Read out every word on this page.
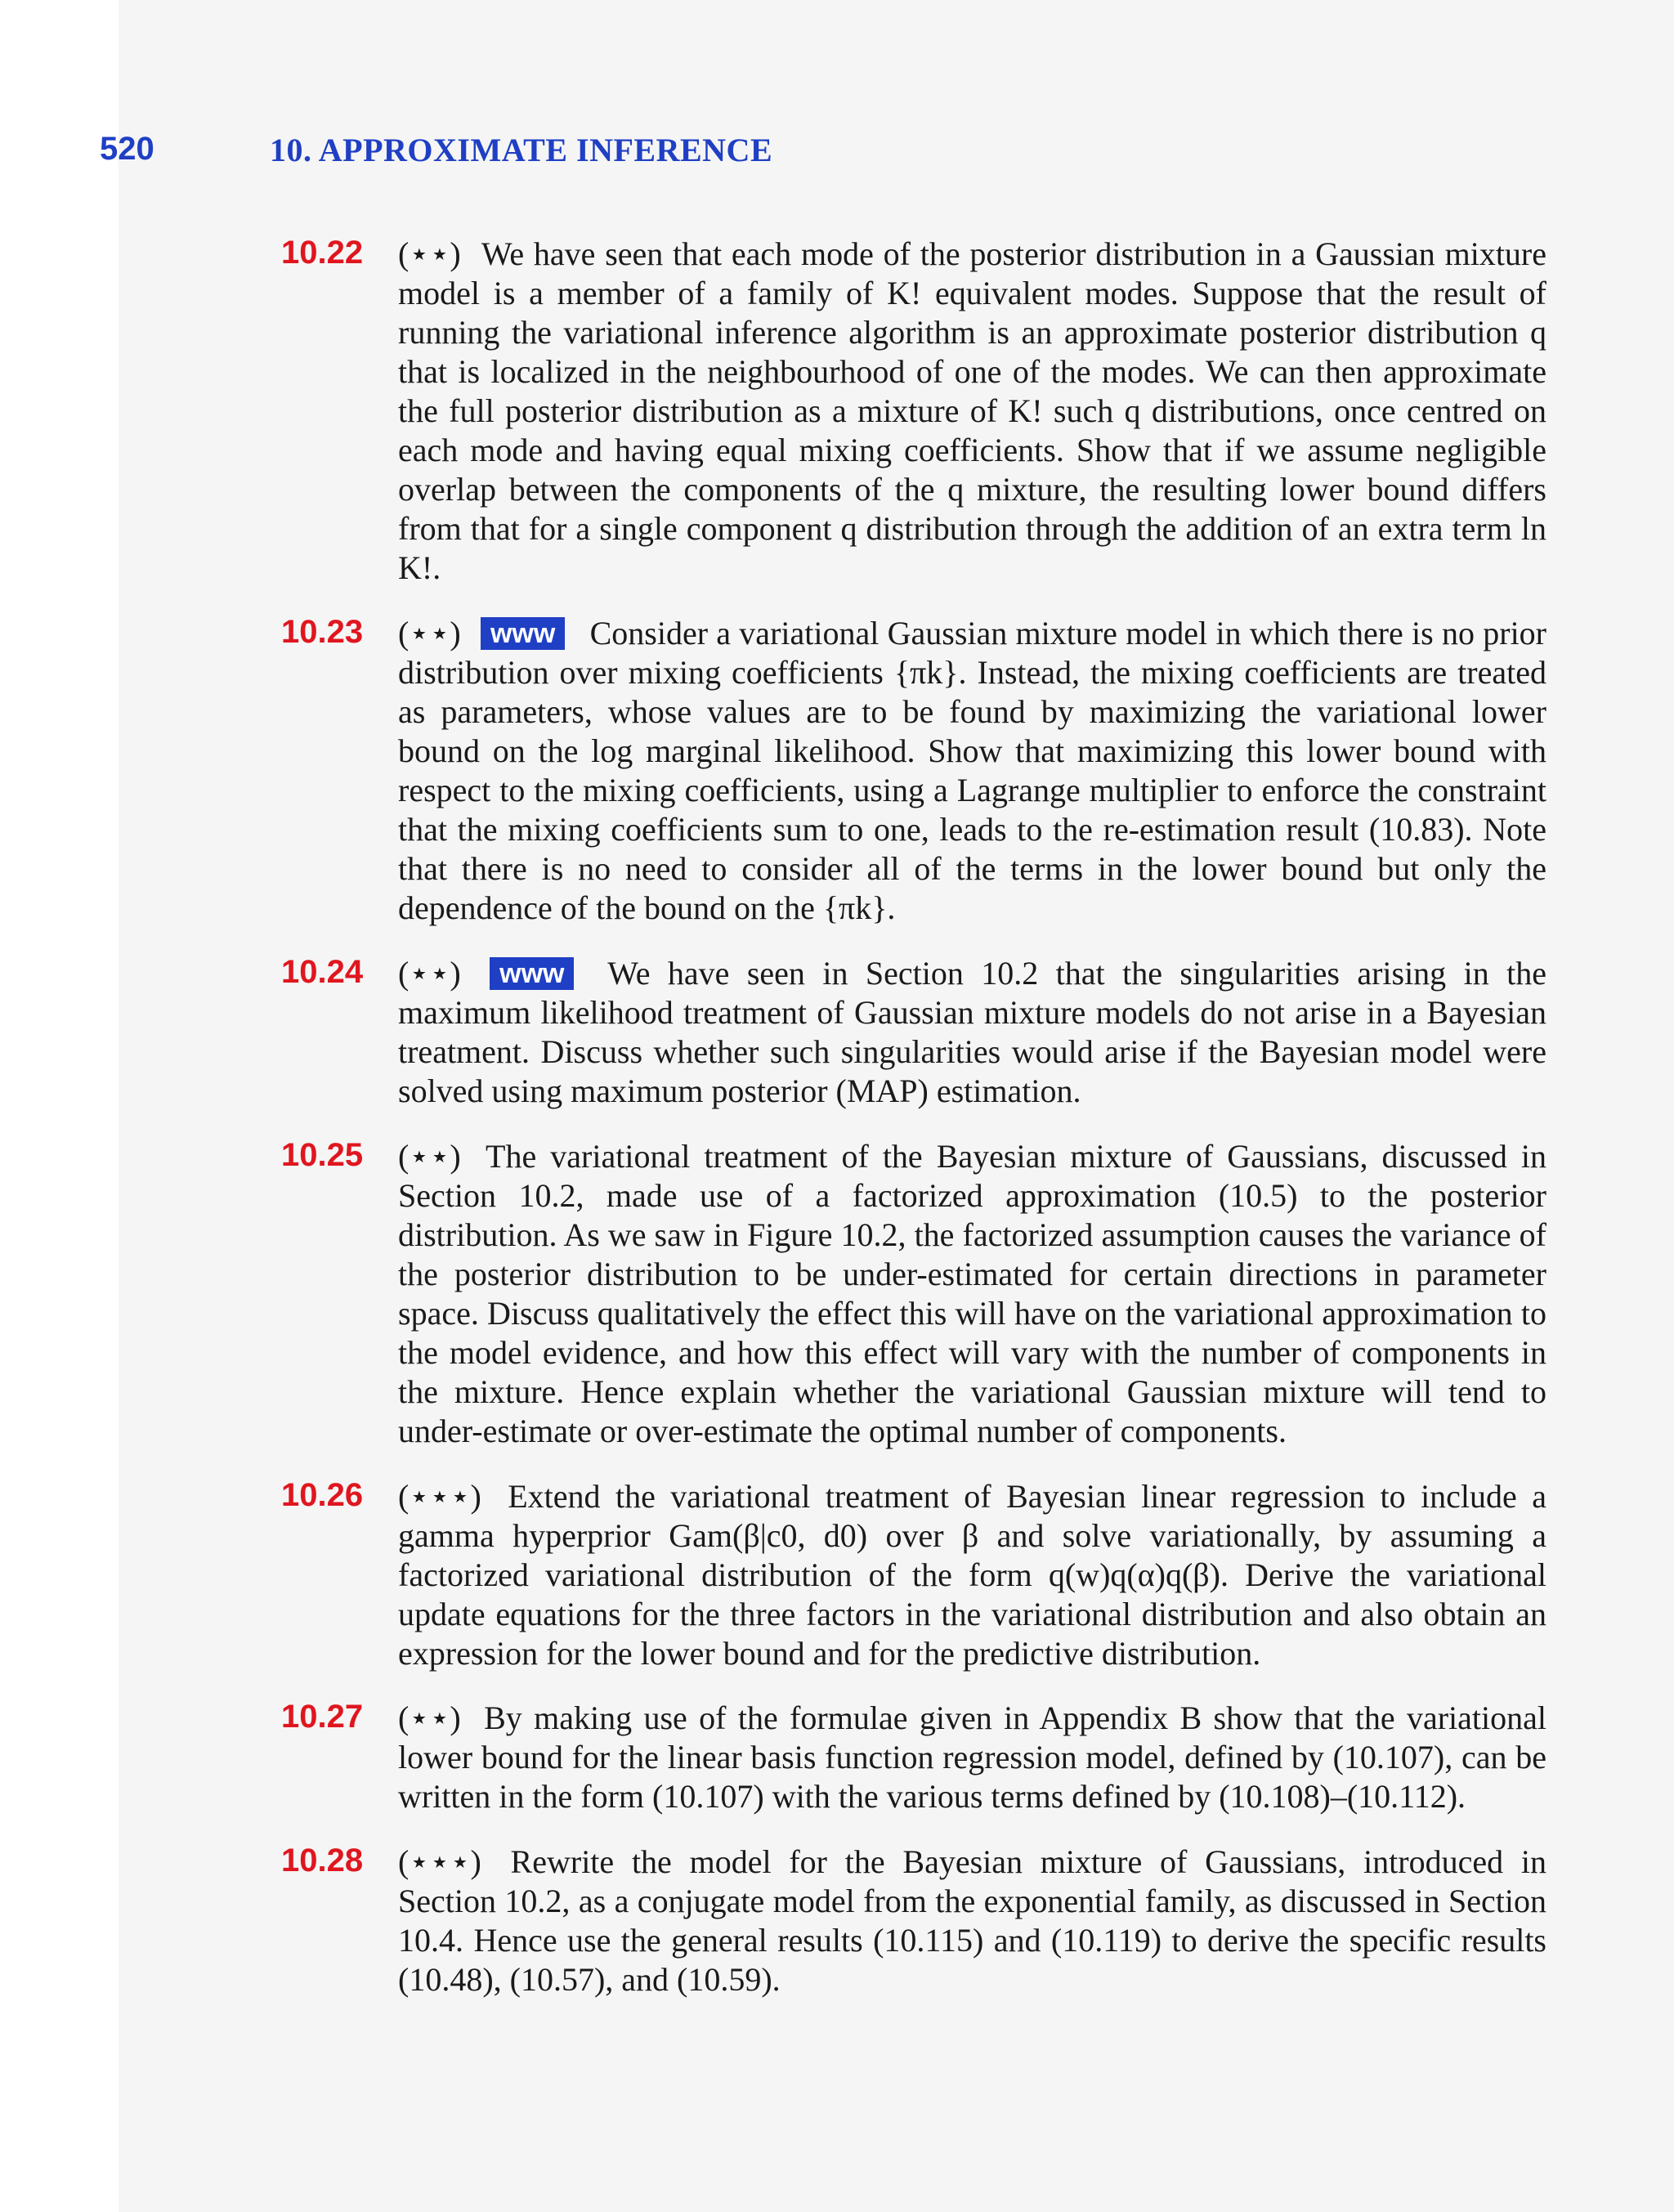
520	10. APPROXIMATE INFERENCE
10.22 (⋆⋆) We have seen that each mode of the posterior distribution in a Gaussian mixture model is a member of a family of K! equivalent modes. Suppose that the result of running the variational inference algorithm is an approximate posterior distribution q that is localized in the neighbourhood of one of the modes. We can then approximate the full posterior distribution as a mixture of K! such q distributions, once centred on each mode and having equal mixing coefficients. Show that if we assume negligible overlap between the components of the q mixture, the resulting lower bound differs from that for a single component q distribution through the addition of an extra term ln K!.
10.23 (⋆⋆) www Consider a variational Gaussian mixture model in which there is no prior distribution over mixing coefficients {πk}. Instead, the mixing coefficients are treated as parameters, whose values are to be found by maximizing the variational lower bound on the log marginal likelihood. Show that maximizing this lower bound with respect to the mixing coefficients, using a Lagrange multiplier to enforce the constraint that the mixing coefficients sum to one, leads to the re-estimation result (10.83). Note that there is no need to consider all of the terms in the lower bound but only the dependence of the bound on the {πk}.
10.24 (⋆⋆) www We have seen in Section 10.2 that the singularities arising in the maximum likelihood treatment of Gaussian mixture models do not arise in a Bayesian treatment. Discuss whether such singularities would arise if the Bayesian model were solved using maximum posterior (MAP) estimation.
10.25 (⋆⋆) The variational treatment of the Bayesian mixture of Gaussians, discussed in Section 10.2, made use of a factorized approximation (10.5) to the posterior distribution. As we saw in Figure 10.2, the factorized assumption causes the variance of the posterior distribution to be under-estimated for certain directions in parameter space. Discuss qualitatively the effect this will have on the variational approximation to the model evidence, and how this effect will vary with the number of components in the mixture. Hence explain whether the variational Gaussian mixture will tend to under-estimate or over-estimate the optimal number of components.
10.26 (⋆⋆⋆) Extend the variational treatment of Bayesian linear regression to include a gamma hyperprior Gam(β|c0, d0) over β and solve variationally, by assuming a factorized variational distribution of the form q(w)q(α)q(β). Derive the variational update equations for the three factors in the variational distribution and also obtain an expression for the lower bound and for the predictive distribution.
10.27 (⋆⋆) By making use of the formulae given in Appendix B show that the variational lower bound for the linear basis function regression model, defined by (10.107), can be written in the form (10.107) with the various terms defined by (10.108)–(10.112).
10.28 (⋆⋆⋆) Rewrite the model for the Bayesian mixture of Gaussians, introduced in Section 10.2, as a conjugate model from the exponential family, as discussed in Section 10.4. Hence use the general results (10.115) and (10.119) to derive the specific results (10.48), (10.57), and (10.59).
